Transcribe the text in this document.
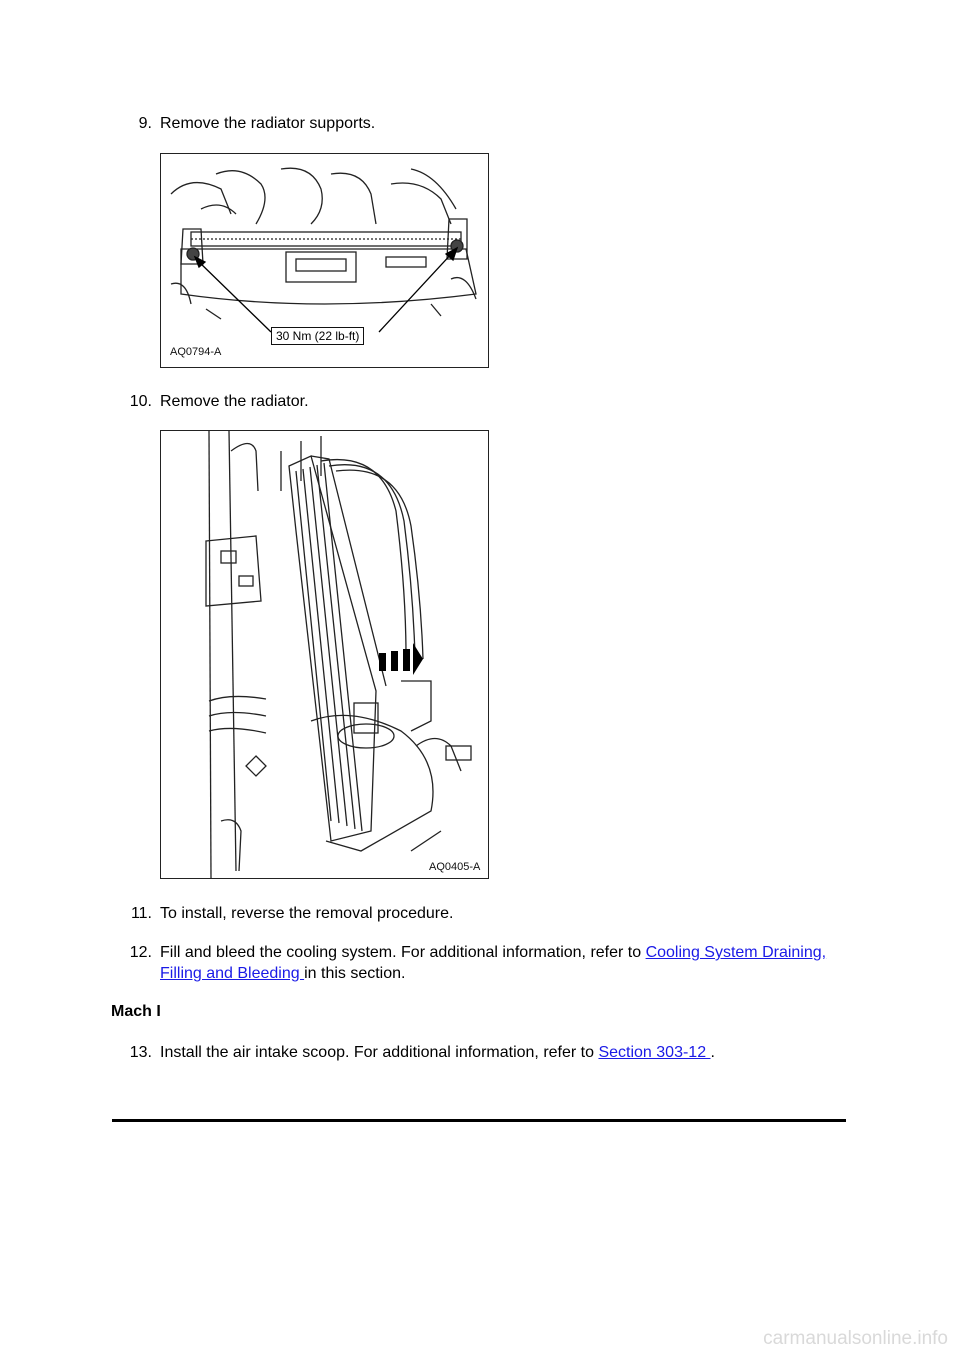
9. Remove the radiator supports.
30 Nm (22 lb-ft)
AQ0794-A
10. Remove the radiator.
AQ0405-A
11. To install, reverse the removal procedure.
12. Fill and bleed the cooling system. For additional information, refer to Cooling System Draining,
Filling and Bleeding in this section.
Mach I
13. Install the air intake scoop. For additional information, refer to Section 303-12 .
carmanualsonline.info
